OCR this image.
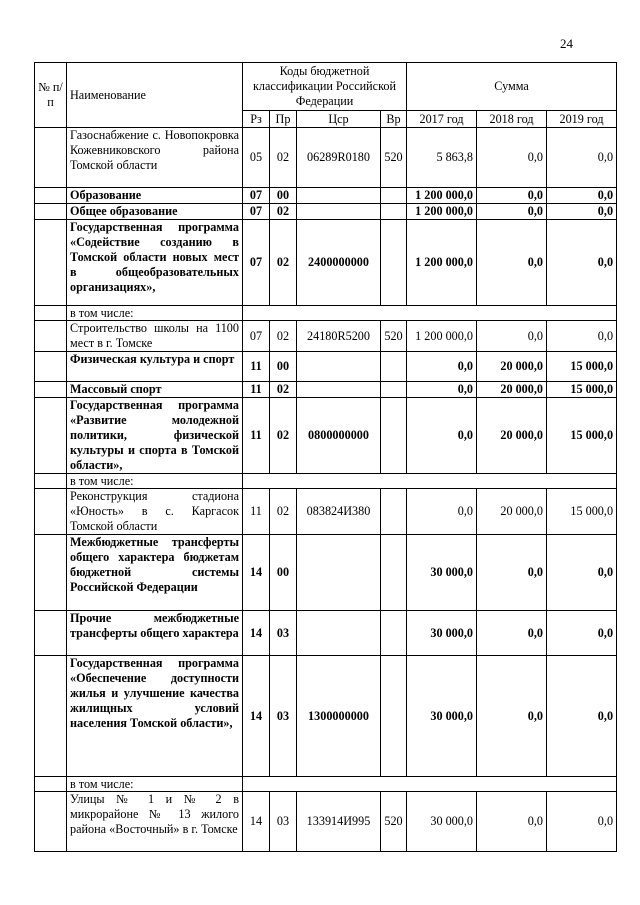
24
№ п/п	Наименование	Коды бюджетной классификации Российской Федерации				Сумма		
		Рз	Пр	Цср	Вр	2017 год	2018 год	2019 год
	Газоснабжение с. Новопокровка Кожевниковского района Томской области	05	02	06289R0180	520	5 863,8	0,0	0,0
	Образование	07	00			1 200 000,0	0,0	0,0
	Общее образование	07	02			1 200 000,0	0,0	0,0
	Государственная программа «Содействие созданию в Томской области новых мест в общеобразовательных организациях»,	07	02	2400000000		1 200 000,0	0,0	0,0
	в том числе:							
	Строительство школы на 1100 мест в г. Томске	07	02	24180R5200	520	1 200 000,0	0,0	0,0
	Физическая культура и спорт	11	00			0,0	20 000,0	15 000,0
	Массовый спорт	11	02			0,0	20 000,0	15 000,0
	Государственная программа «Развитие молодежной политики, физической культуры и спорта в Томской области»,	11	02	0800000000		0,0	20 000,0	15 000,0
	в том числе:							
	Реконструкция стадиона «Юность» в с. Каргасок Томской области	11	02	083824И380		0,0	20 000,0	15 000,0
	Межбюджетные трансферты общего характера бюджетам бюджетной системы Российской Федерации	14	00			30 000,0	0,0	0,0
	Прочие межбюджетные трансферты общего характера	14	03			30 000,0	0,0	0,0
	Государственная программа «Обеспечение доступности жилья и улучшение качества жилищных условий населения Томской области»,	14	03	1300000000		30 000,0	0,0	0,0
	в том числе:							
	Улицы № 1 и № 2 в микрорайоне № 13 жилого района «Восточный» в г. Томске	14	03	133914И995	520	30 000,0	0,0	0,0
